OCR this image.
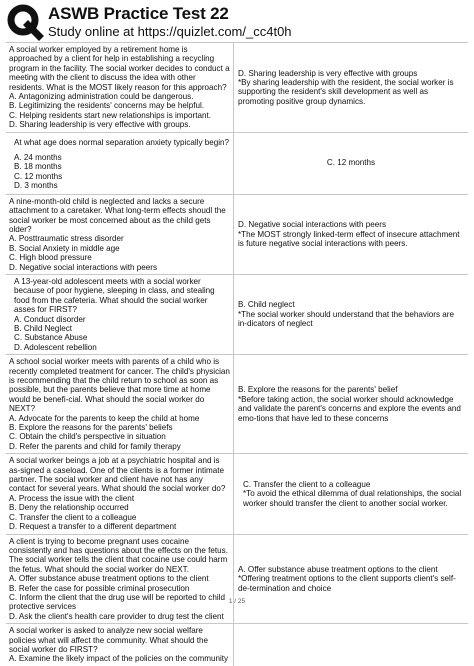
ASWB Practice Test 22
Study online at https://quizlet.com/_cc4t0h
A social worker employed by a retirement home is approached by a client for help in establishing a recycling program in the facility. The social worker decides to conduct a meeting with the client to discuss the idea with other residents. What is the MOST likely reason for this approach?
A. Antagonizing administration could be dangerous.
B. Legitimizing the residents' concerns may be helpful.
C. Helping residents start new relationships is important.
D. Sharing leadership is very effective with groups.
D. Sharing leadership is very effective with groups
*By sharing leadership with the resident, the social worker is supporting the resident's skill development as well as promoting positive group dynamics.
At what age does normal separation anxiety typically begin?
A. 24 months
B. 18 months
C. 12 months
D. 3 months
C. 12 months
A nine-month-old child is neglected and lacks a secure attachment to a caretaker. What long-term effects shoudl the social worker be most concerned about as the child gets older?
A. Posttraumatic stress disorder
B. Social Anxiety in middle age
C. High blood pressure
D. Negative social interactions with peers
D. Negative social interactions with peers
*The MOST strongly linked-term effect of insecure attachment is future negative social interactions with peers.
A 13-year-old adolescent meets with a social worker because of poor hygiene, sleeping in class, and stealing food from the cafeteria. What should the social worker asses for FIRST?
A. Conduct disorder
B. Child Neglect
C. Substance Abuse
D. Adolescent rebellion
B. Child neglect
*The social worker should understand that the behaviors are in-dicators of neglect
A school social worker meets with parents of a child who is recently completed treatment for cancer. The child's physician is recommending that the child return to school as soon as possible, but the parents believe that more time at home would be benefi-cial. What should the social worker do NEXT?
A. Advocate for the parents to keep the child at home
B. Explore the reasons for the parents' beliefs
C. Obtain the child's perspective in situation
D. Refer the parents and child for family therapy
B. Explore the reasons for the parents' belief
*Before taking action, the social worker should acknowledge and validate the parent's concerns and explore the events and emo-tions that have led to these concerns
A social worker beings a job at a psychiatric hospital and is as-signed a caseload. One of the clients is a former intimate partner. The social worker and client have not has any contact for several years. What should the social worker do?
A. Process the issue with the client
B. Deny the relationship occurred
C. Transfer the client to a colleague
D. Request a transfer to a different department
C. Transfer the client to a colleague
*To avoid the ethical dilemma of dual relationships, the social worker should transfer the client to another social worker.
A client is trying to become pregnant uses cocaine consistently and has questions about the effects on the fetus. The social worker tells the client that cocaine use could harm the fetus. What should the social worker do NEXT.
A. Offer substance abuse treatment options to the client
B. Refer the case for possible criminal prosecution
C. Inform the client that the drug use will be reported to child protective services
D. Ask the client's health care provider to drug test the client
A. Offer substance abuse treatment options to the client
*Offering treatment options to the client supports client's self-de-termination and choice
A social worker is asked to analyze new social welfare policies what will affect the community. What should the social worker do FIRST?
A. Examine the likely impact of the policies on the community
1 / 25
